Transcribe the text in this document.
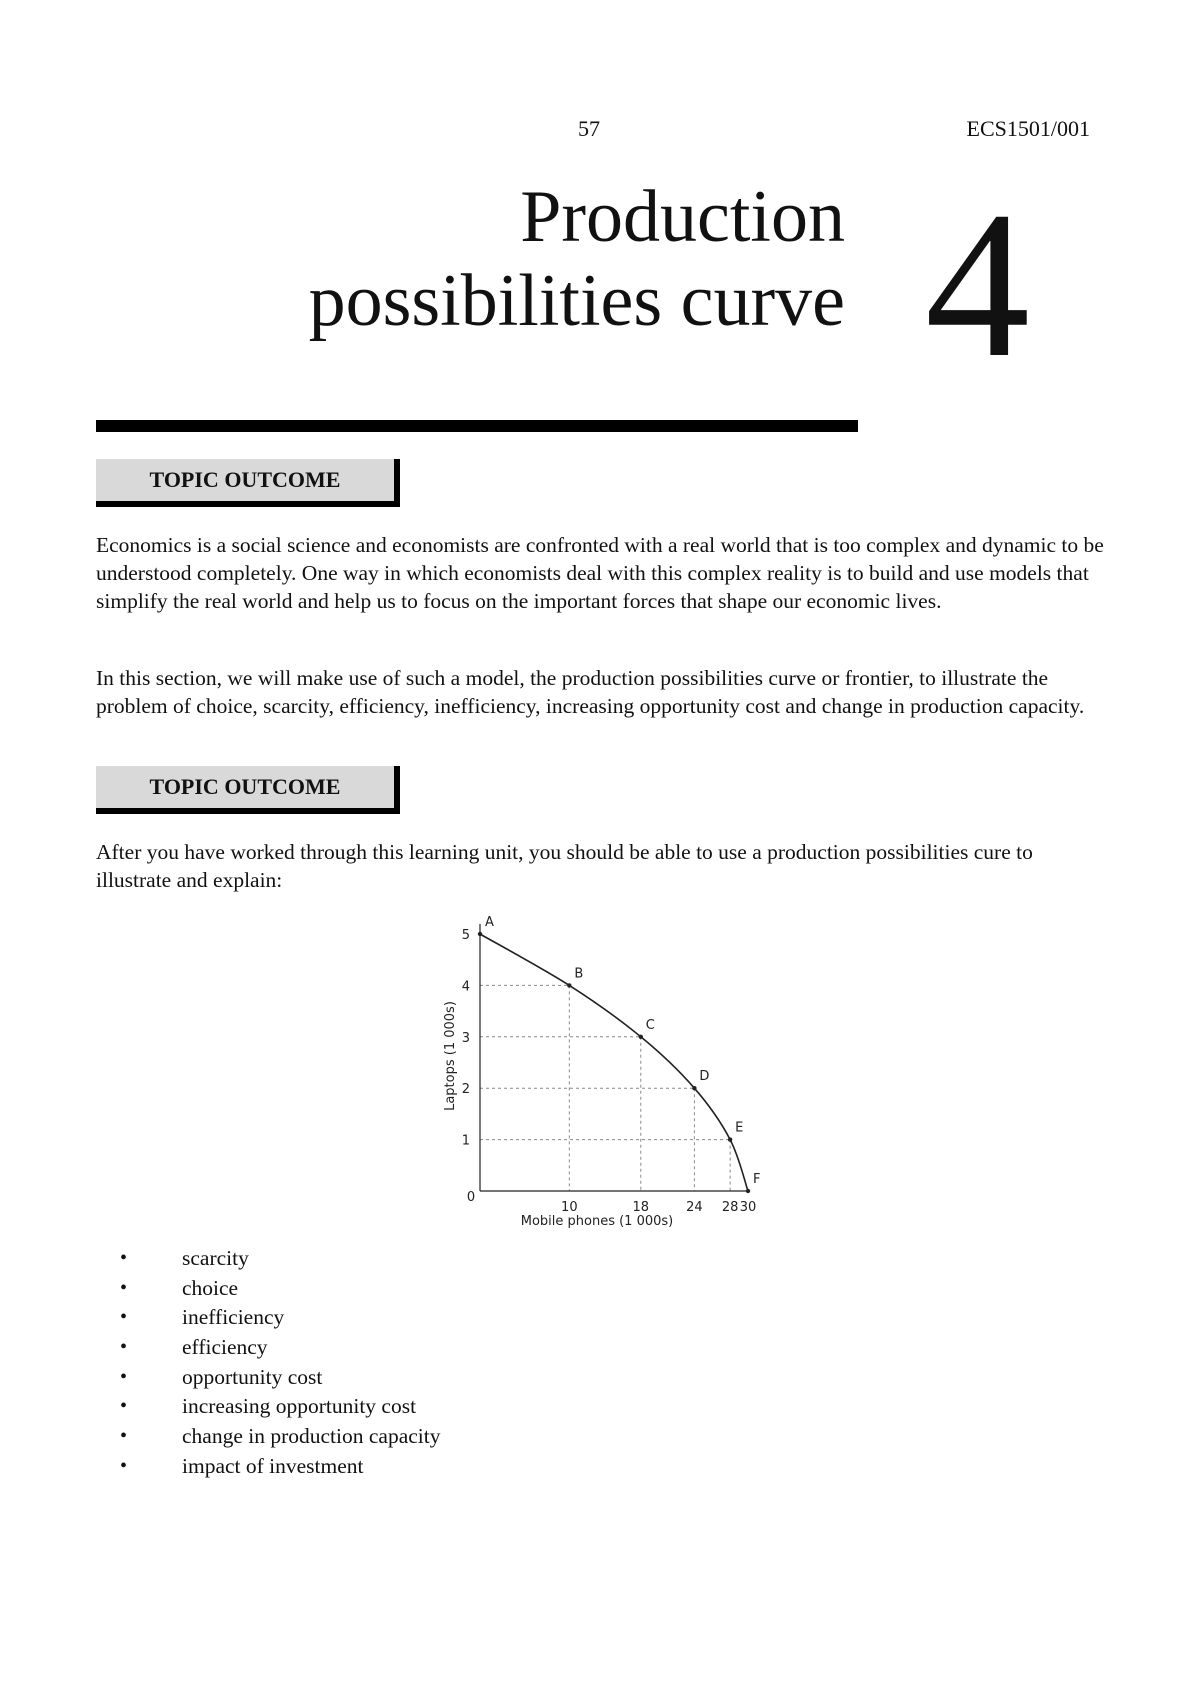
57	ECS1501/001
Production
possibilities curve 4
TOPIC OUTCOME

Economics is a social science and economists are confronted with a real world that is too complex and dynamic to be understood completely. One way in which economists deal with this complex reality is to build and use models that simplify the real world and help us to focus on the important forces that shape our economic lives.

In this section, we will make use of such a model, the production possibilities curve or frontier, to illustrate the problem of choice, scarcity, efficiency, inefficiency, increasing opportunity cost and change in production capacity.

TOPIC OUTCOME

After you have worked through this learning unit, you should be able to use a production possibilities cure to illustrate and explain:

10	18	24 28 30
1
2
3
4
5
A
B
C
D
E
F
Mobile phones (1 000s)
Laptops (1 000s)
0
•	scarcity
•	choice
•	inefficiency
•	efficiency
•	opportunity cost
•	increasing opportunity cost
•	change in production capacity
•	impact of investment
